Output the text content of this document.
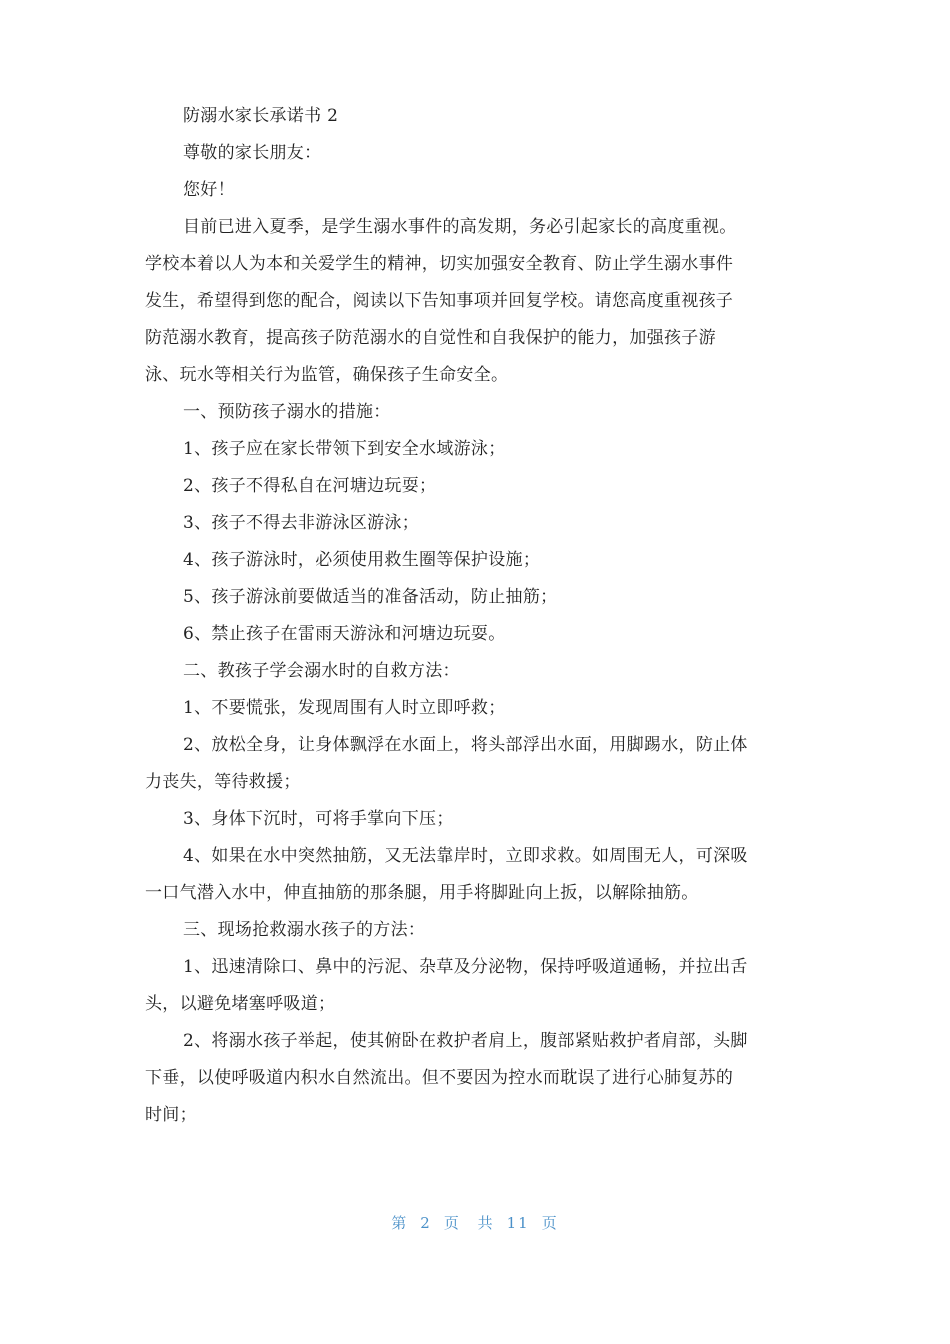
防溺水家长承诺书 2
尊敬的家长朋友：
您好！
目前已进入夏季，是学生溺水事件的高发期，务必引起家长的高度重视。
学校本着以人为本和关爱学生的精神，切实加强安全教育、防止学生溺水事件
发生，希望得到您的配合，阅读以下告知事项并回复学校。请您高度重视孩子
防范溺水教育，提高孩子防范溺水的自觉性和自我保护的能力，加强孩子游
泳、玩水等相关行为监管，确保孩子生命安全。
一、预防孩子溺水的措施：
1、孩子应在家长带领下到安全水域游泳；
2、孩子不得私自在河塘边玩耍；
3、孩子不得去非游泳区游泳；
4、孩子游泳时，必须使用救生圈等保护设施；
5、孩子游泳前要做适当的准备活动，防止抽筋；
6、禁止孩子在雷雨天游泳和河塘边玩耍。
二、教孩子学会溺水时的自救方法：
1、不要慌张，发现周围有人时立即呼救；
2、放松全身，让身体飘浮在水面上，将头部浮出水面，用脚踢水，防止体
力丧失，等待救援；
3、身体下沉时，可将手掌向下压；
4、如果在水中突然抽筋，又无法靠岸时，立即求救。如周围无人，可深吸
一口气潜入水中，伸直抽筋的那条腿，用手将脚趾向上扳，以解除抽筋。
三、现场抢救溺水孩子的方法：
1、迅速清除口、鼻中的污泥、杂草及分泌物，保持呼吸道通畅，并拉出舌
头，以避免堵塞呼吸道；
2、将溺水孩子举起，使其俯卧在救护者肩上，腹部紧贴救护者肩部，头脚
下垂，以使呼吸道内积水自然流出。但不要因为控水而耽误了进行心肺复苏的
时间；
第 2 页 共 11 页
